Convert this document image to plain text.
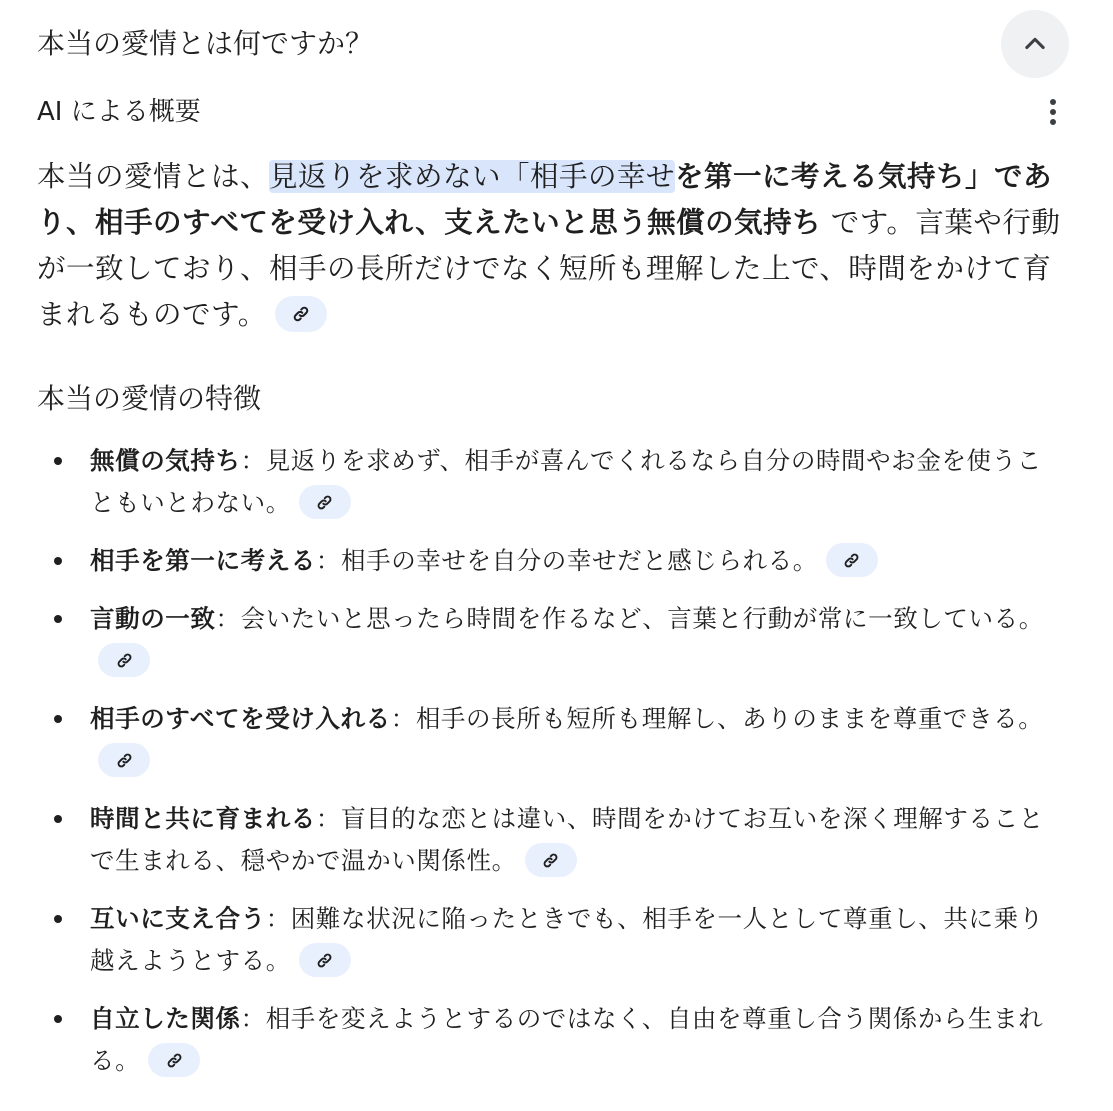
本当の愛情とは何ですか？
AI による概要

本当の愛情とは、見返りを求めない「相手の幸せを第一に考える気持ち」であり、相手のすべてを受け入れ、支えたいと思う無償の気持ち です。言葉や行動が一致しており、相手の長所だけでなく短所も理解した上で、時間をかけて育まれるものです。

本当の愛情の特徴
無償の気持ち：見返りを求めず、相手が喜んでくれるなら自分の時間やお金を使うこともいとわない。
相手を第一に考える：相手の幸せを自分の幸せだと感じられる。
言動の一致：会いたいと思ったら時間を作るなど、言葉と行動が常に一致している。
相手のすべてを受け入れる：相手の長所も短所も理解し、ありのままを尊重できる。
時間と共に育まれる：盲目的な恋とは違い、時間をかけてお互いを深く理解することで生まれる、穏やかで温かい関係性。
互いに支え合う：困難な状況に陥ったときでも、相手を一人として尊重し、共に乗り越えようとする。
自立した関係：相手を変えようとするのではなく、自由を尊重し合う関係から生まれる。
